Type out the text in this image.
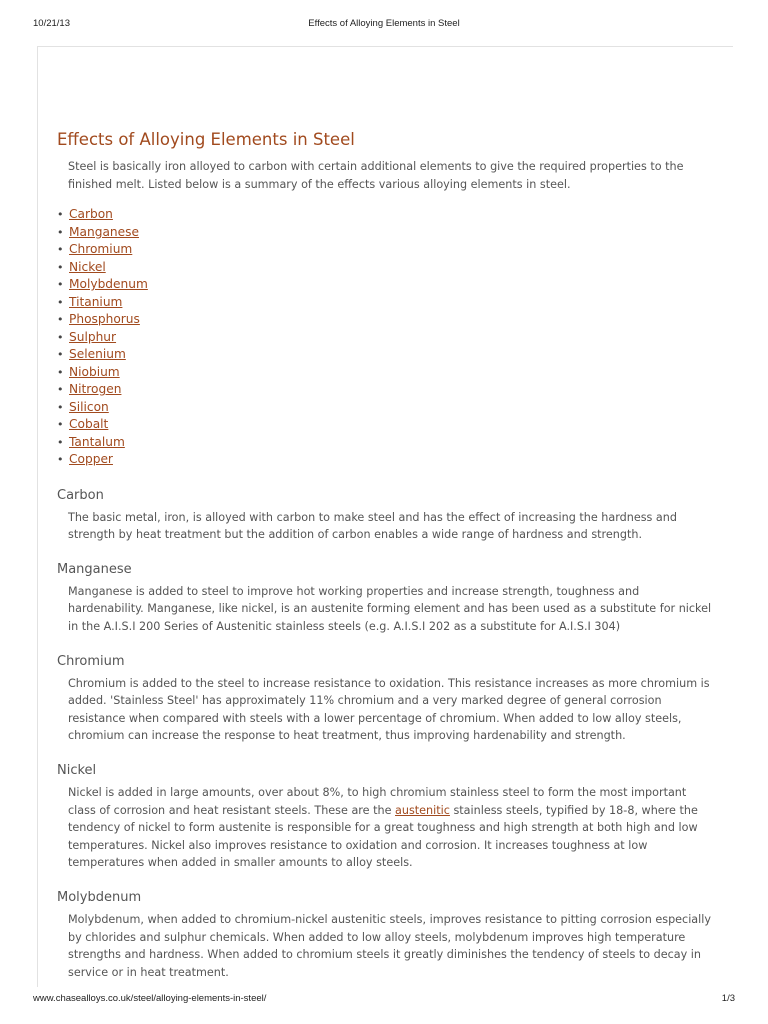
10/21/13	Effects of Alloying Elements in Steel
Effects of Alloying Elements in Steel

Steel is basically iron alloyed to carbon with certain additional elements to give the required properties to the finished melt. Listed below is a summary of the effects various alloying elements in steel.

• Carbon
• Manganese
• Chromium
• Nickel
• Molybdenum
• Titanium
• Phosphorus
• Sulphur
• Selenium
• Niobium
• Nitrogen
• Silicon
• Cobalt
• Tantalum
• Copper
Carbon

The basic metal, iron, is alloyed with carbon to make steel and has the effect of increasing the hardness and strength by heat treatment but the addition of carbon enables a wide range of hardness and strength.

Manganese

Manganese is added to steel to improve hot working properties and increase strength, toughness and hardenability. Manganese, like nickel, is an austenite forming element and has been used as a substitute for nickel in the A.I.S.I 200 Series of Austenitic stainless steels (e.g. A.I.S.I 202 as a substitute for A.I.S.I 304)

Chromium

Chromium is added to the steel to increase resistance to oxidation. This resistance increases as more chromium is added. 'Stainless Steel' has approximately 11% chromium and a very marked degree of general corrosion resistance when compared with steels with a lower percentage of chromium. When added to low alloy steels, chromium can increase the response to heat treatment, thus improving hardenability and strength.

Nickel

Nickel is added in large amounts, over about 8%, to high chromium stainless steel to form the most important class of corrosion and heat resistant steels. These are the austenitic stainless steels, typified by 18-8, where the tendency of nickel to form austenite is responsible for a great toughness and high strength at both high and low temperatures. Nickel also improves resistance to oxidation and corrosion. It increases toughness at low temperatures when added in smaller amounts to alloy steels.

Molybdenum

Molybdenum, when added to chromium-nickel austenitic steels, improves resistance to pitting corrosion especially by chlorides and sulphur chemicals. When added to low alloy steels, molybdenum improves high temperature strengths and hardness. When added to chromium steels it greatly diminishes the tendency of steels to decay in service or in heat treatment.

www.chasealloys.co.uk/steel/alloying-elements-in-steel/	1/3
